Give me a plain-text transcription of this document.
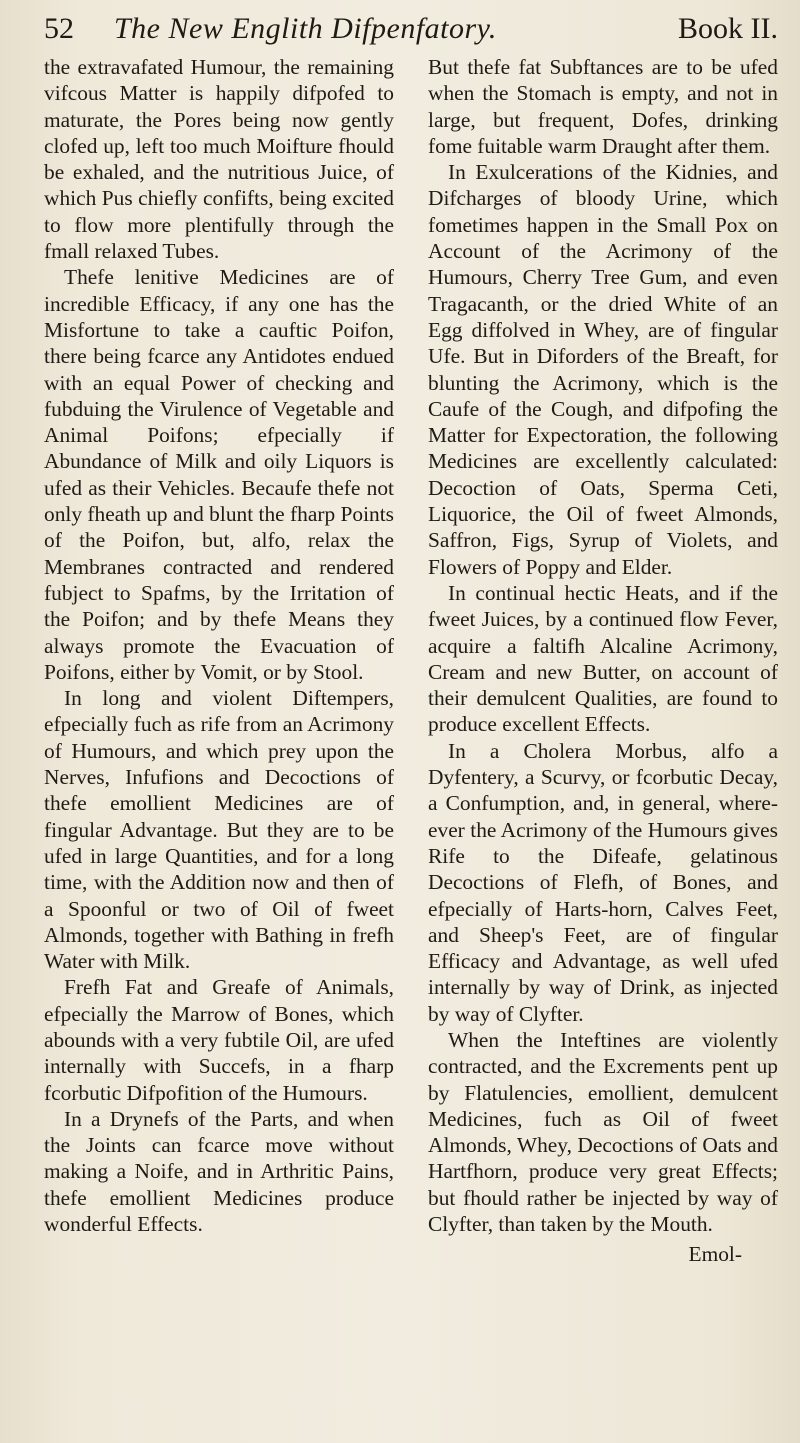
52	The New Englith Difpenfatory.	Book II.

the extravafated Humour, the remaining vifcous Matter is happily difpofed to maturate, the Pores being now gently clofed up, left too much Moifture fhould be exhaled, and the nutritious Juice, of which Pus chiefly confifts, being excited to flow more plentifully through the fmall relaxed Tubes.

Thefe lenitive Medicines are of incredible Efficacy, if any one has the Misfortune to take a cauftic Poifon, there being fcarce any Antidotes endued with an equal Power of checking and fubduing the Virulence of Vegetable and Animal Poifons; efpecially if Abundance of Milk and oily Liquors is ufed as their Vehicles. Becaufe thefe not only fheath up and blunt the fharp Points of the Poifon, but, alfo, relax the Membranes contracted and rendered fubject to Spafms, by the Irritation of the Poifon; and by thefe Means they always promote the Evacuation of Poifons, either by Vomit, or by Stool.

In long and violent Diftempers, efpecially fuch as rife from an Acrimony of Humours, and which prey upon the Nerves, Infufions and Decoctions of thefe emollient Medicines are of fingular Advantage. But they are to be ufed in large Quantities, and for a long time, with the Addition now and then of a Spoonful or two of Oil of fweet Almonds, together with Bathing in frefh Water with Milk.

Frefh Fat and Greafe of Animals, efpecially the Marrow of Bones, which abounds with a very fubtile Oil, are ufed internally with Succefs, in a fharp fcorbutic Difpofition of the Humours.

In a Drynefs of the Parts, and when the Joints can fcarce move without making a Noife, and in Arthritic Pains, thefe emollient Medicines produce wonderful Effects.

But thefe fat Subftances are to be ufed when the Stomach is empty, and not in large, but frequent, Dofes, drinking fome fuitable warm Draught after them.

In Exulcerations of the Kidnies, and Difcharges of bloody Urine, which fometimes happen in the Small Pox on Account of the Acrimony of the Humours, Cherry Tree Gum, and even Tragacanth, or the dried White of an Egg diffolved in Whey, are of fingular Ufe. But in Diforders of the Breaft, for blunting the Acrimony, which is the Caufe of the Cough, and difpofing the Matter for Expectoration, the following Medicines are excellently calculated: Decoction of Oats, Sperma Ceti, Liquorice, the Oil of fweet Almonds, Saffron, Figs, Syrup of Violets, and Flowers of Poppy and Elder.

In continual hectic Heats, and if the fweet Juices, by a continued flow Fever, acquire a faltifh Alcaline Acrimony, Cream and new Butter, on account of their demulcent Qualities, are found to produce excellent Effects.

In a Cholera Morbus, alfo a Dyfentery, a Scurvy, or fcorbutic Decay, a Confumption, and, in general, where-ever the Acrimony of the Humours gives Rife to the Difeafe, gelatinous Decoctions of Flefh, of Bones, and efpecially of Harts-horn, Calves Feet, and Sheep's Feet, are of fingular Efficacy and Advantage, as well ufed internally by way of Drink, as injected by way of Clyfter.

When the Inteftines are violently contracted, and the Excrements pent up by Flatulencies, emollient, demulcent Medicines, fuch as Oil of fweet Almonds, Whey, Decoctions of Oats and Hartfhorn, produce very great Effects; but fhould rather be injected by way of Clyfter, than taken by the Mouth.

Emol-
